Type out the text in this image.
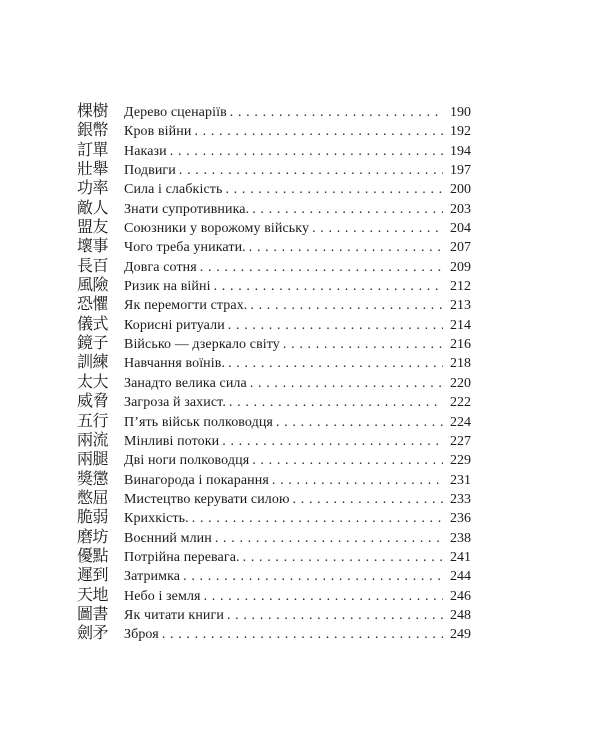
棵樹	Дерево сценаріїв . . .	190
銀幣	Кров війни . . .	192
訂單	Накази . . .	194
壯舉	Подвиги . . .	197
功率	Сила і слабкість . . .	200
敵人	Знати супротивника. . . .	203
盟友	Союзники у ворожому війську . . .	204
壞事	Чого треба уникати. . . .	207
長百	Довга сотня . . .	209
風險	Ризик на війні . . .	212
恐懼	Як перемогти страх. . . .	213
儀式	Корисні ритуали . . .	214
鏡子	Військо — дзеркало світу . . .	216
訓練	Навчання воїнів. . . .	218
太大	Занадто велика сила . . .	220
威脅	Загроза й захист. . . .	222
五行	П’ять військ полководця . . .	224
兩流	Мінливі потоки . . .	227
兩腿	Дві ноги полководця . . .	229
獎懲	Винагорода і покарання . . .	231
憋屈	Мистецтво керувати силою . . .	233
脆弱	Крихкість. . . .	236
磨坊	Воєнний млин . . .	238
優點	Потрійна перевага. . . .	241
遲到	Затримка . . .	244
天地	Небо і земля . . .	246
圖書	Як читати книги . . .	248
劍矛	Зброя . . .	249
